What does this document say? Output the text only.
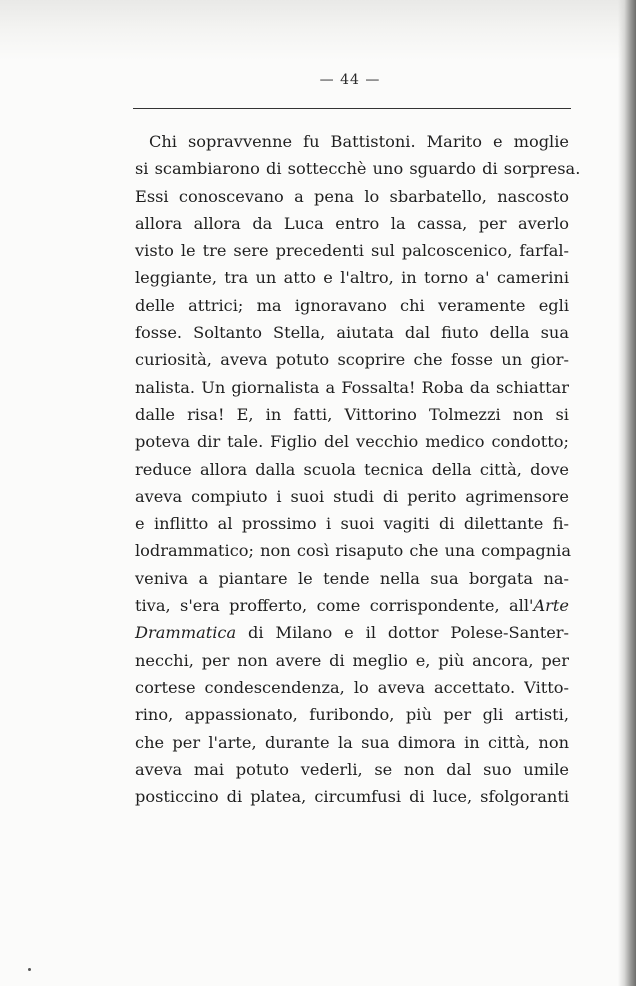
— 44 —
Chi sopravvenne fu Battistoni. Marito e moglie
si scambiarono di sottecchè uno sguardo di sorpresa.
Essi conoscevano a pena lo sbarbatello, nascosto
allora allora da Luca entro la cassa, per averlo
visto le tre sere precedenti sul palcoscenico, farfal-
leggiante, tra un atto e l'altro, in torno a' camerini
delle attrici; ma ignoravano chi veramente egli
fosse. Soltanto Stella, aiutata dal fiuto della sua
curiosità, aveva potuto scoprire che fosse un gior-
nalista. Un giornalista a Fossalta! Roba da schiattar
dalle risa! E, in fatti, Vittorino Tolmezzi non si
poteva dir tale. Figlio del vecchio medico condotto;
reduce allora dalla scuola tecnica della città, dove
aveva compiuto i suoi studi di perito agrimensore
e inflitto al prossimo i suoi vagiti di dilettante fi-
lodrammatico; non così risaputo che una compagnia
veniva a piantare le tende nella sua borgata na-
tiva, s'era profferto, come corrispondente, all'Arte
Drammatica di Milano e il dottor Polese-Santer-
necchi, per non avere di meglio e, più ancora, per
cortese condescendenza, lo aveva accettato. Vitto-
rino, appassionato, furibondo, più per gli artisti,
che per l'arte, durante la sua dimora in città, non
aveva mai potuto vederli, se non dal suo umile
posticcino di platea, circumfusi di luce, sfolgoranti
